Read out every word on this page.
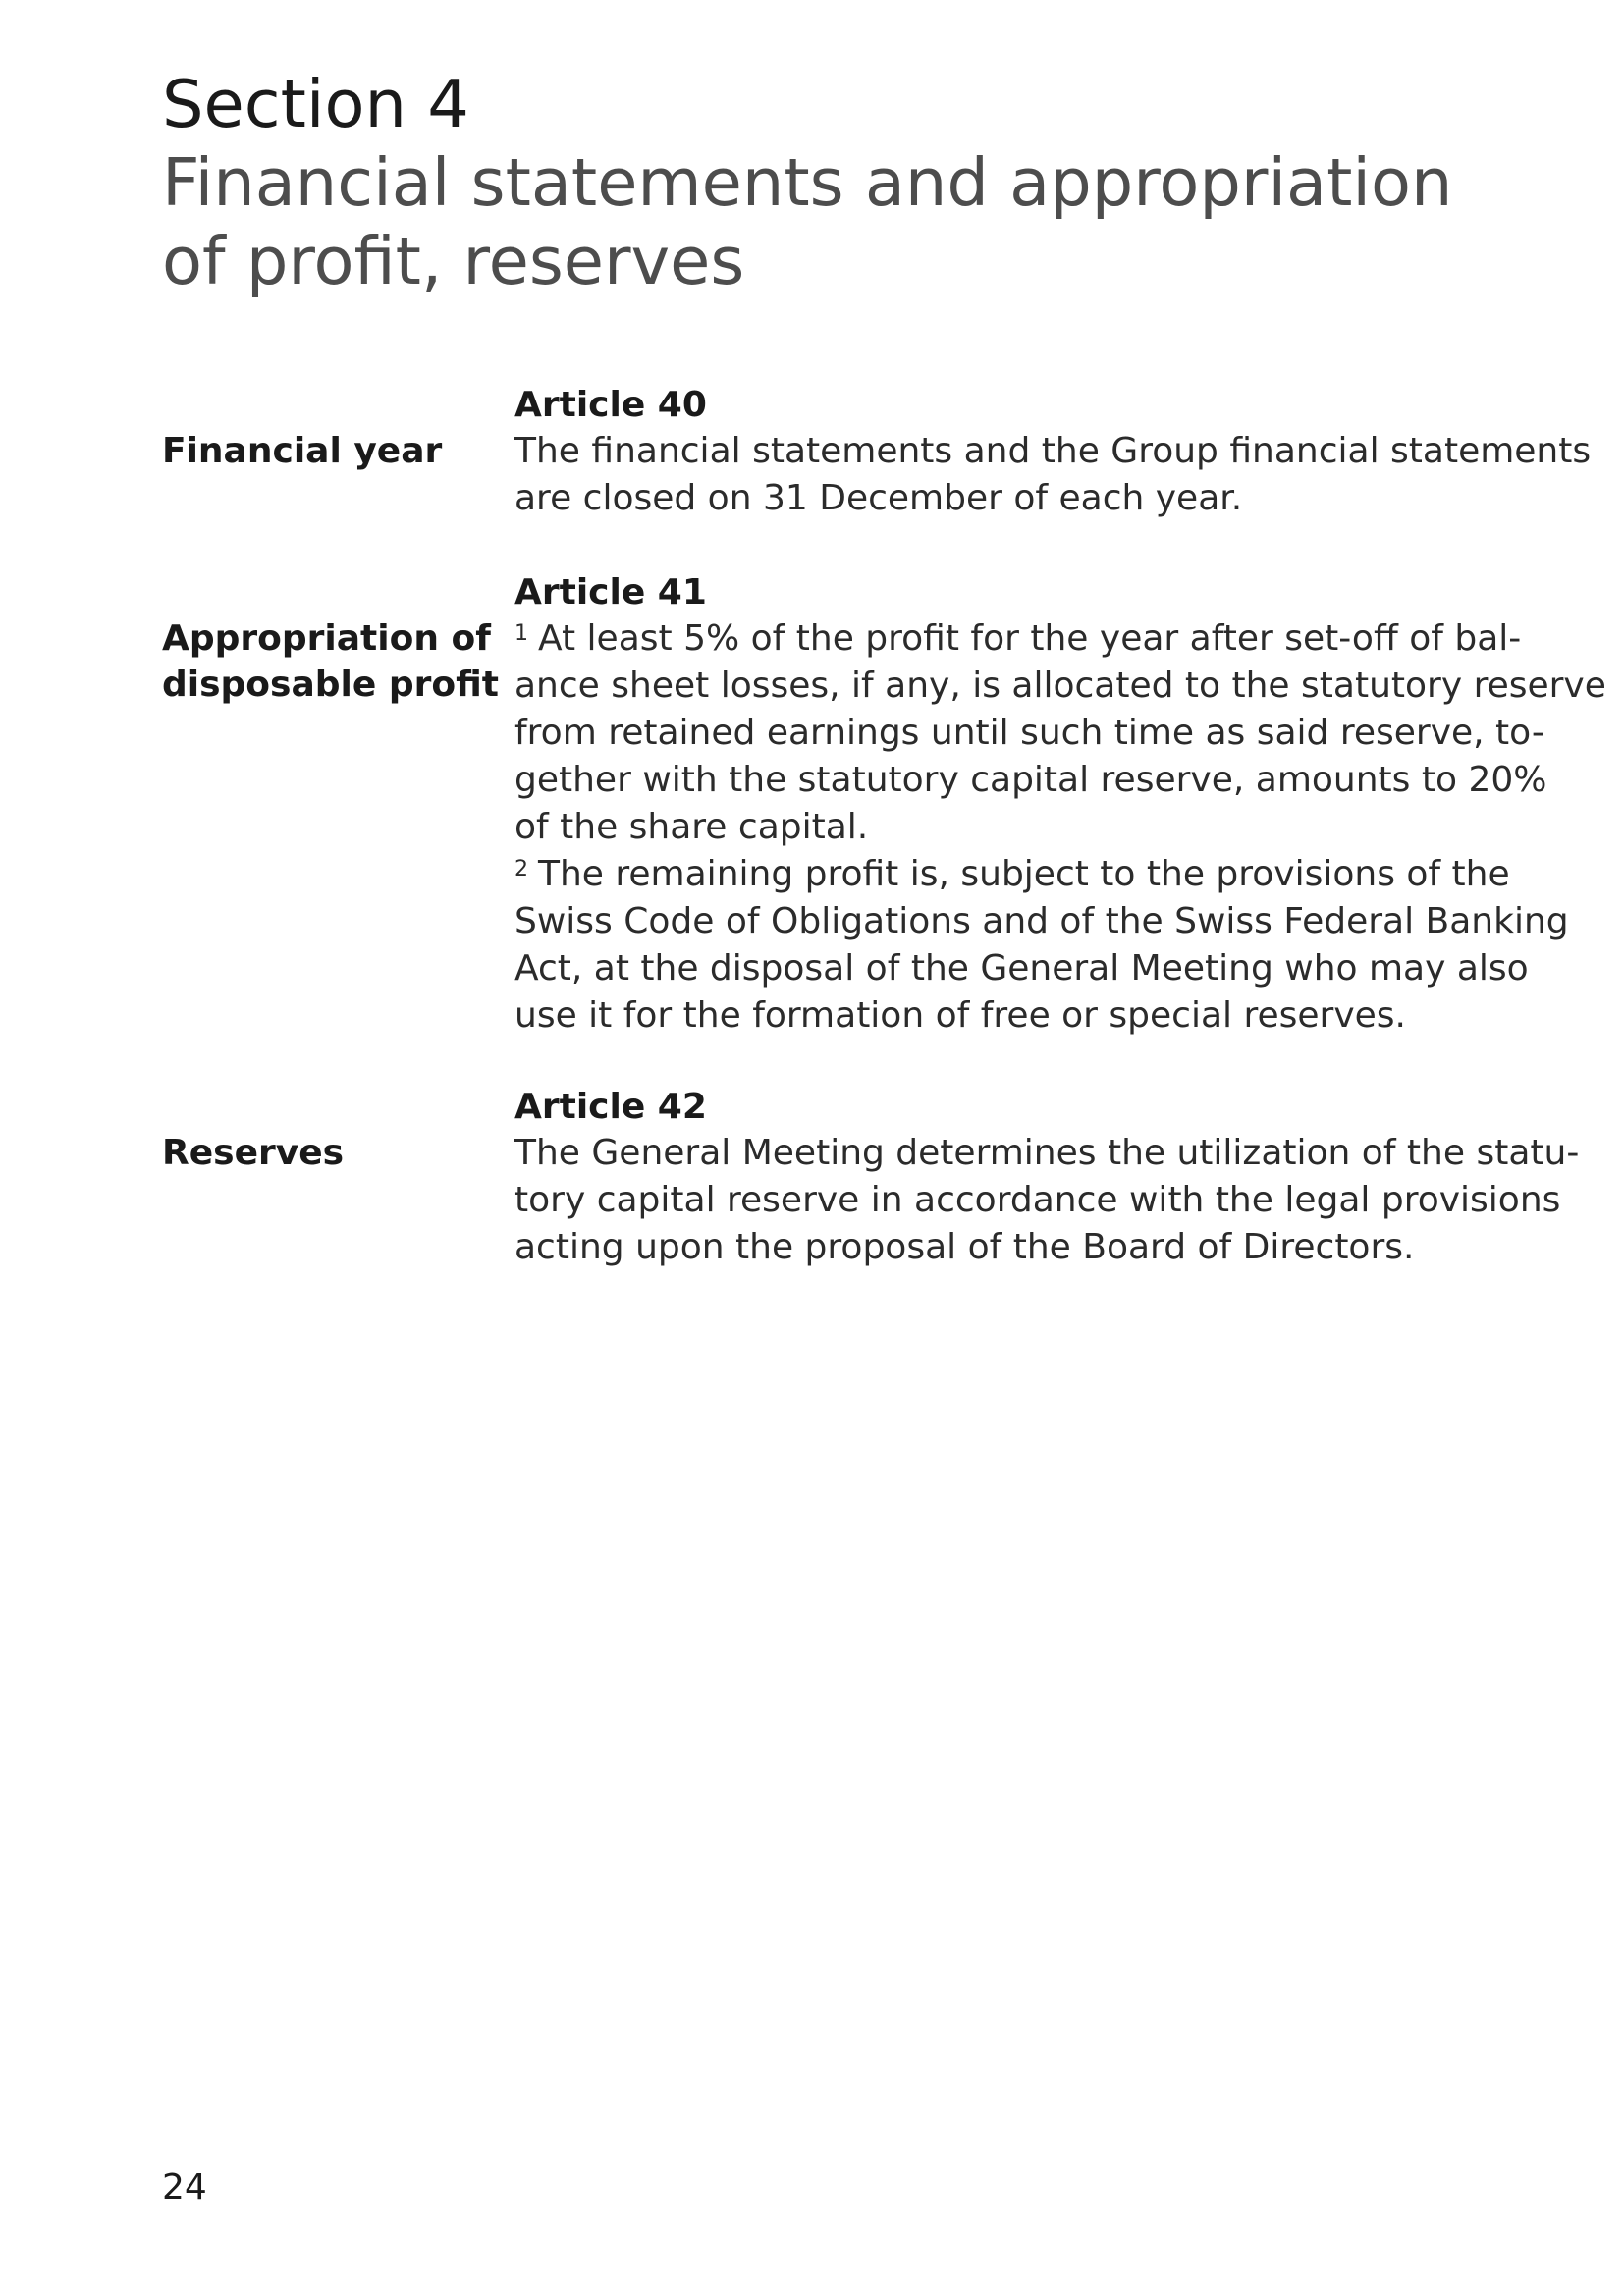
Section 4
Financial statements and appropriation
of profit, reserves

Article 40

Financial year	The financial statements and the Group financial statements
are closed on 31 December of each year.

Article 41

Appropriation of
disposable profit

$^1$ At least 5% of the profit for the year after set-off of bal-
ance sheet losses, if any, is allocated to the statutory reserve
from retained earnings until such time as said reserve, to-
gether with the statutory capital reserve, amounts to 20%
of the share capital.
$^2$ The remaining profit is, subject to the provisions of the
Swiss Code of Obligations and of the Swiss Federal Banking
Act, at the disposal of the General Meeting who may also
use it for the formation of free or special reserves.

Article 42

Reserves	The General Meeting determines the utilization of the statu-
tory capital reserve in accordance with the legal provisions
acting upon the proposal of the Board of Directors.

24
